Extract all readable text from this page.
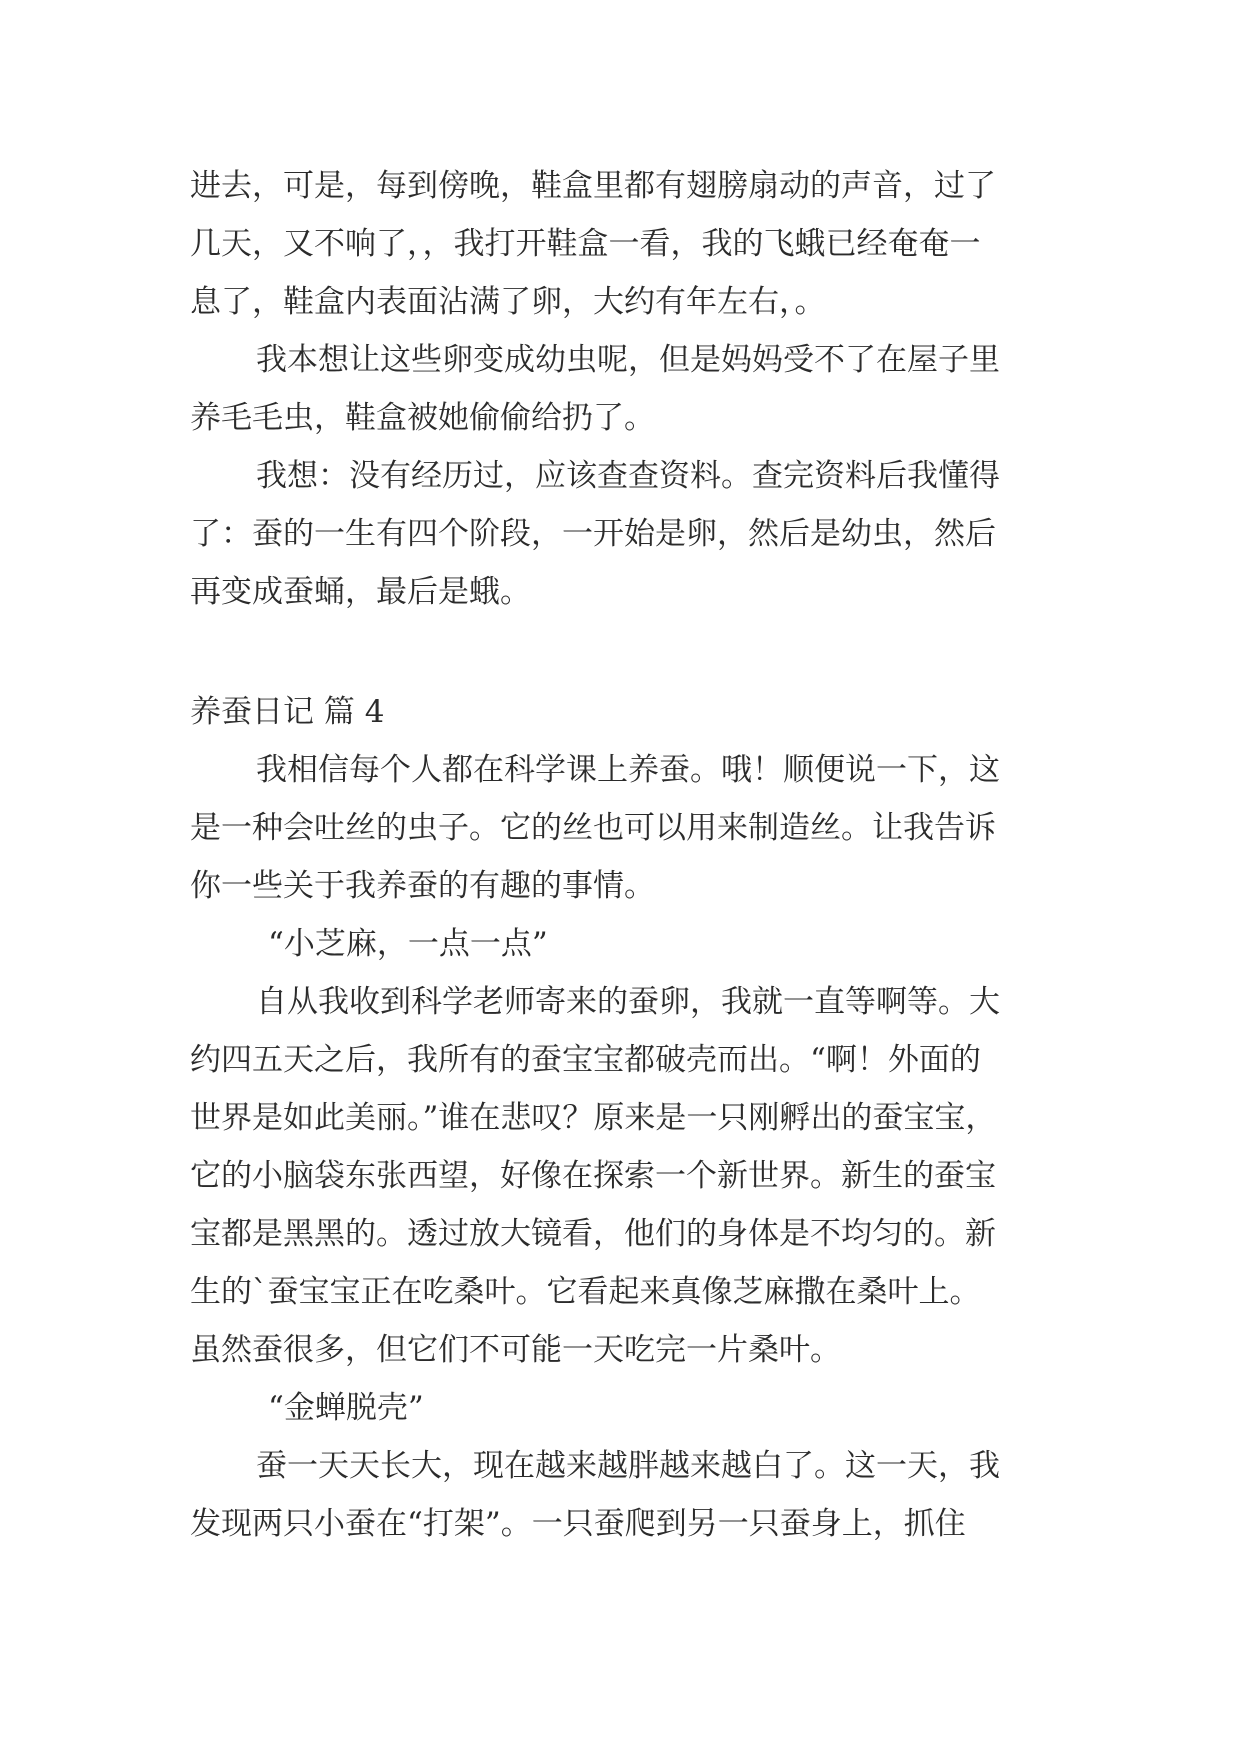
进去，可是，每到傍晚，鞋盒里都有翅膀扇动的声音，过了
几天，又不响了，，我打开鞋盒一看，我的飞蛾已经奄奄一
息了，鞋盒内表面沾满了卵，大约有年左右，。
我本想让这些卵变成幼虫呢，但是妈妈受不了在屋子里
养毛毛虫，鞋盒被她偷偷给扔了。
我想：没有经历过，应该查查资料。查完资料后我懂得
了：蚕的一生有四个阶段，一开始是卵，然后是幼虫，然后
再变成蚕蛹，最后是蛾。
养蚕日记 篇 4
我相信每个人都在科学课上养蚕。哦！顺便说一下，这
是一种会吐丝的虫子。它的丝也可以用来制造丝。让我告诉
你一些关于我养蚕的有趣的事情。
“小芝麻，一点一点”
自从我收到科学老师寄来的蚕卵，我就一直等啊等。大
约四五天之后，我所有的蚕宝宝都破壳而出。“啊！外面的
世界是如此美丽。”谁在悲叹？原来是一只刚孵出的蚕宝宝，
它的小脑袋东张西望，好像在探索一个新世界。新生的蚕宝
宝都是黑黑的。透过放大镜看，他们的身体是不均匀的。新
生的`蚕宝宝正在吃桑叶。它看起来真像芝麻撒在桑叶上。
虽然蚕很多，但它们不可能一天吃完一片桑叶。
“金蝉脱壳”
蚕一天天长大，现在越来越胖越来越白了。这一天，我
发现两只小蚕在“打架”。一只蚕爬到另一只蚕身上，抓住
